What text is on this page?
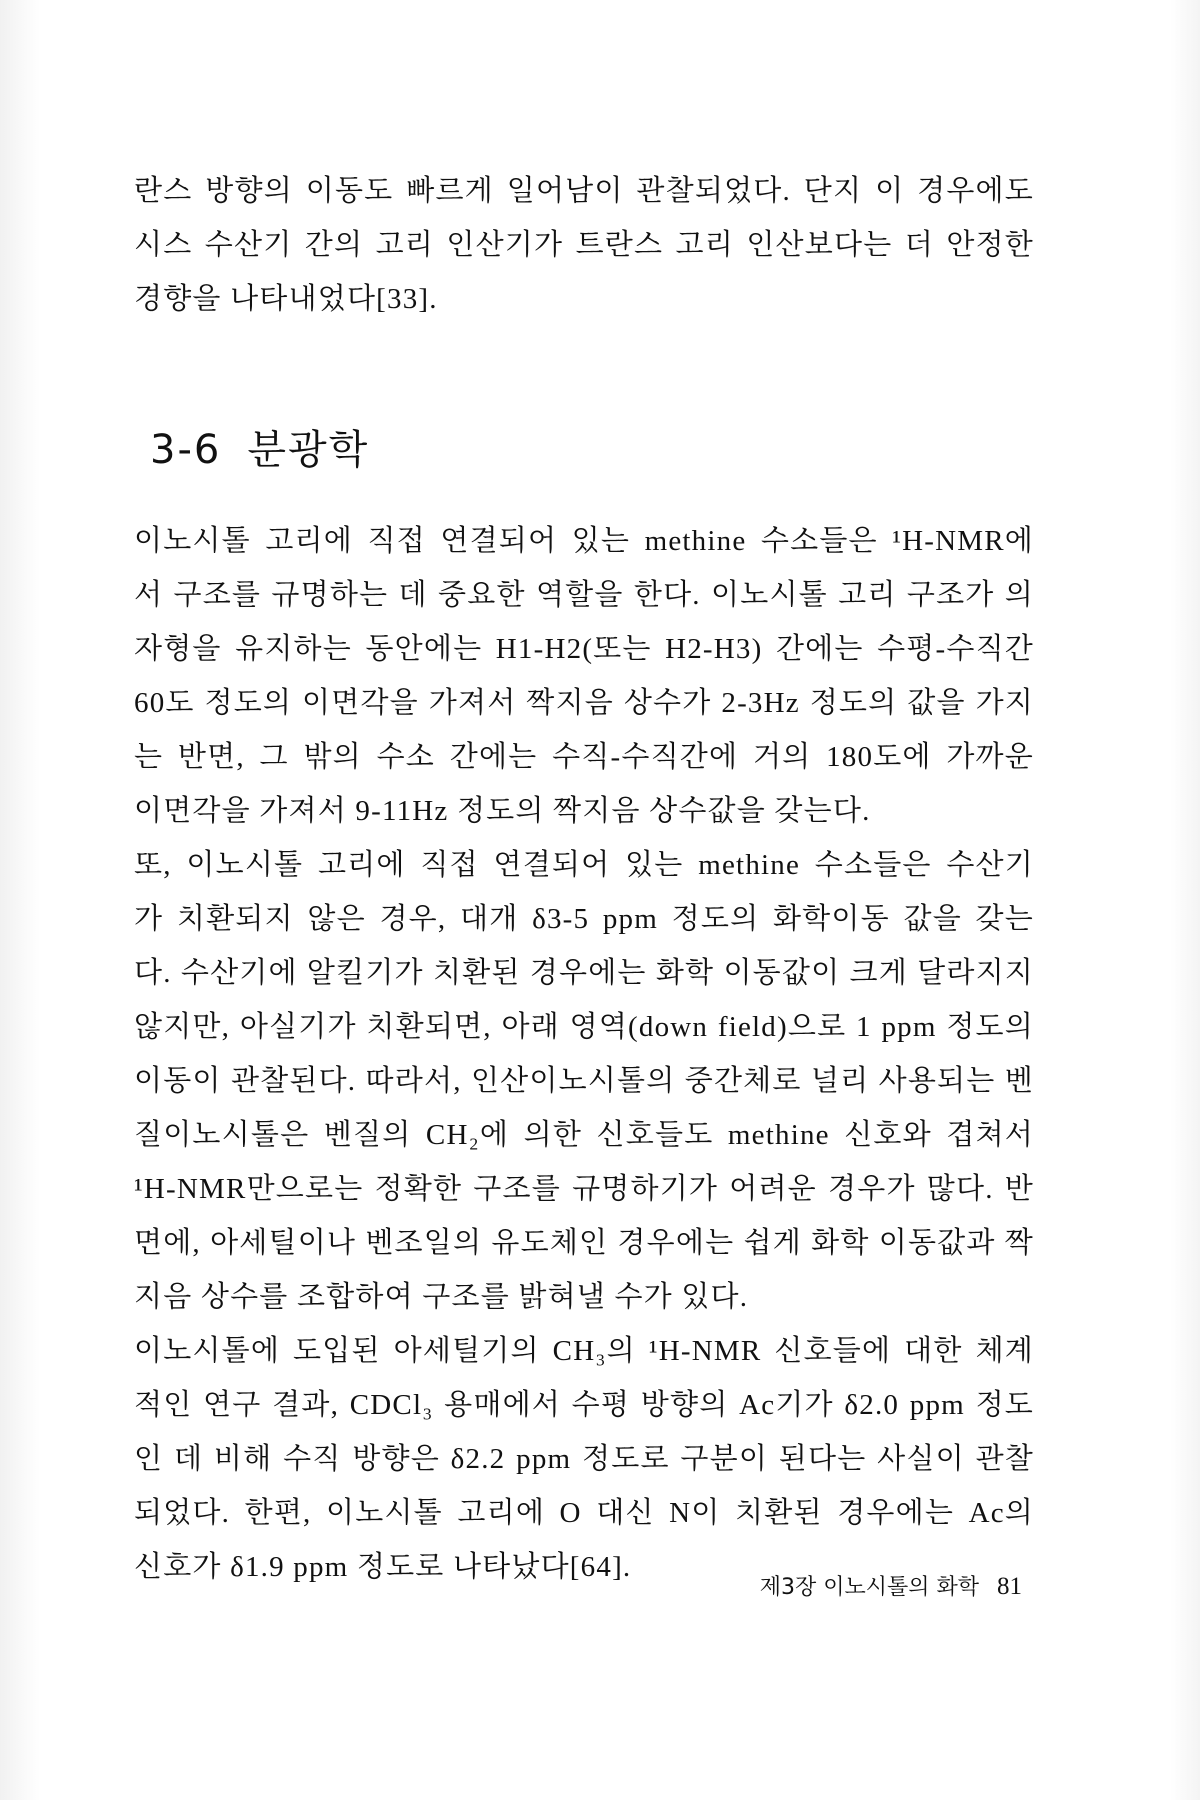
란스 방향의 이동도 빠르게 일어남이 관찰되었다. 단지 이 경우에도
시스 수산기 간의 고리 인산기가 트란스 고리 인산보다는 더 안정한
경향을 나타내었다[33].
3-6 분광학
이노시톨 고리에 직접 연결되어 있는 methine 수소들은 ¹H-NMR에
서 구조를 규명하는 데 중요한 역할을 한다. 이노시톨 고리 구조가 의
자형을 유지하는 동안에는 H1-H2(또는 H2-H3) 간에는 수평-수직간
60도 정도의 이면각을 가져서 짝지음 상수가 2-3Hz 정도의 값을 가지
는 반면, 그 밖의 수소 간에는 수직-수직간에 거의 180도에 가까운
이면각을 가져서 9-11Hz 정도의 짝지음 상수값을 갖는다.
또, 이노시톨 고리에 직접 연결되어 있는 methine 수소들은 수산기
가 치환되지 않은 경우, 대개 δ3-5 ppm 정도의 화학이동 값을 갖는
다. 수산기에 알킬기가 치환된 경우에는 화학 이동값이 크게 달라지지
않지만, 아실기가 치환되면, 아래 영역(down field)으로 1 ppm 정도의
이동이 관찰된다. 따라서, 인산이노시톨의 중간체로 널리 사용되는 벤
질이노시톨은 벤질의 CH₂에 의한 신호들도 methine 신호와 겹쳐서
¹H-NMR만으로는 정확한 구조를 규명하기가 어려운 경우가 많다. 반
면에, 아세틸이나 벤조일의 유도체인 경우에는 쉽게 화학 이동값과 짝
지음 상수를 조합하여 구조를 밝혀낼 수가 있다.
이노시톨에 도입된 아세틸기의 CH₃의 ¹H-NMR 신호들에 대한 체계
적인 연구 결과, CDCl₃ 용매에서 수평 방향의 Ac기가 δ2.0 ppm 정도
인 데 비해 수직 방향은 δ2.2 ppm 정도로 구분이 된다는 사실이 관찰
되었다. 한편, 이노시톨 고리에 O 대신 N이 치환된 경우에는 Ac의
신호가 δ1.9 ppm 정도로 나타났다[64].
제3장 이노시톨의 화학 81
